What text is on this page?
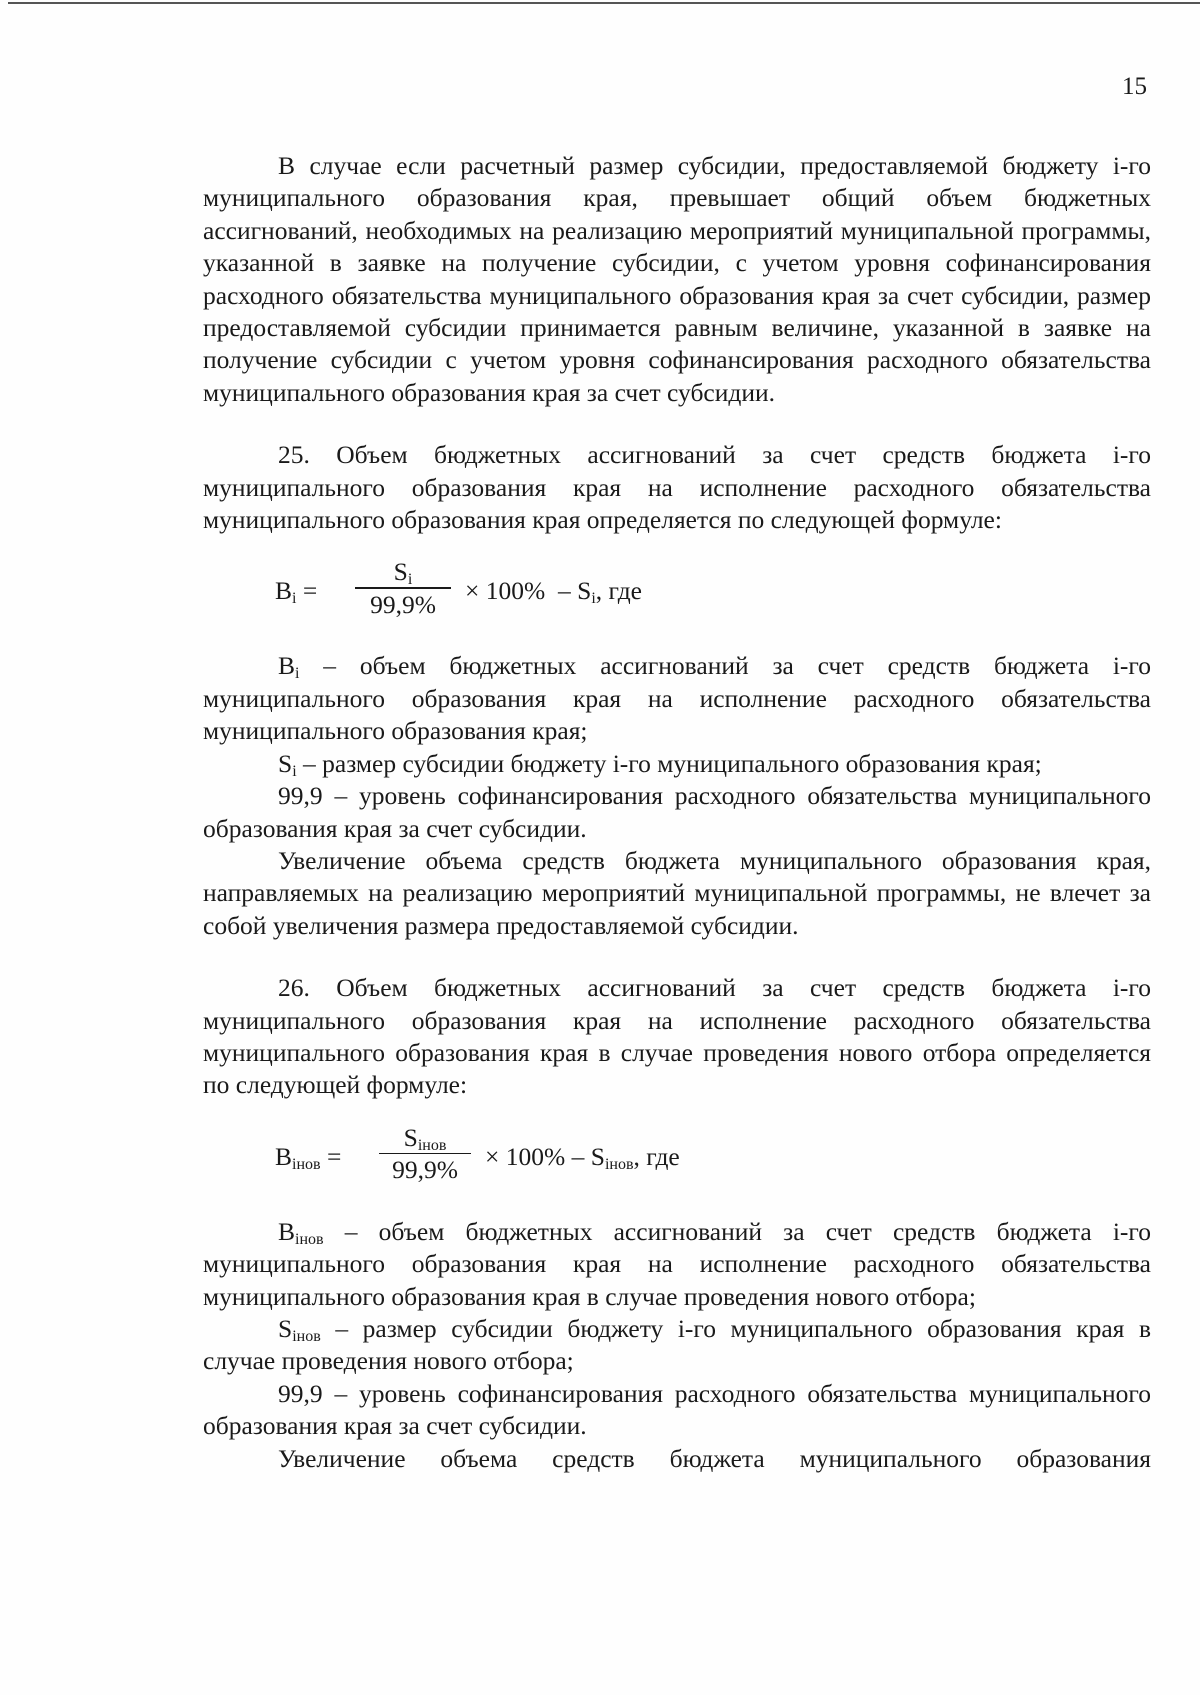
15

В случае если расчетный размер субсидии, предоставляемой бюджету i-го муниципального образования края, превышает общий объем бюджетных ассигнований, необходимых на реализацию мероприятий муниципальной программы, указанной в заявке на получение субсидии, с учетом уровня софинансирования расходного обязательства муниципального образования края за счет субсидии, размер предоставляемой субсидии принимается равным величине, указанной в заявке на получение субсидии с учетом уровня софинансирования расходного обязательства муниципального образования края за счет субсидии.

25. Объем бюджетных ассигнований за счет средств бюджета i-го муниципального образования края на исполнение расходного обязательства муниципального образования края определяется по следующей формуле:

$B_i$ =
$S_i$
99,9%	× $100\% - S_i$, где

$B_i$ – объем бюджетных ассигнований за счет средств бюджета i-го муниципального образования края на исполнение расходного обязательства муниципального образования края;

$S_i$ – размер субсидии бюджету i-го муниципального образования края;

99,9 – уровень софинансирования расходного обязательства муниципального образования края за счет субсидии.

Увеличение объема средств бюджета муниципального образования края, направляемых на реализацию мероприятий муниципальной программы, не влечет за собой увеличения размера предоставляемой субсидии.

26. Объем бюджетных ассигнований за счет средств бюджета i-го муниципального образования края на исполнение расходного обязательства муниципального образования края в случае проведения нового отбора определяется по следующей формуле:

$B_{iнов}$ =
$S_{iнов}$
99,9%	× $100\% - S_{iнов}$, где

$B_{iнов}$ – объем бюджетных ассигнований за счет средств бюджета i-го муниципального образования края на исполнение расходного обязательства муниципального образования края в случае проведения нового отбора;

$S_{iнов}$ – размер субсидии бюджету i-го муниципального образования края в случае проведения нового отбора;

99,9 – уровень софинансирования расходного обязательства муниципального образования края за счет субсидии.

Увеличение объема средств бюджета муниципального образования
